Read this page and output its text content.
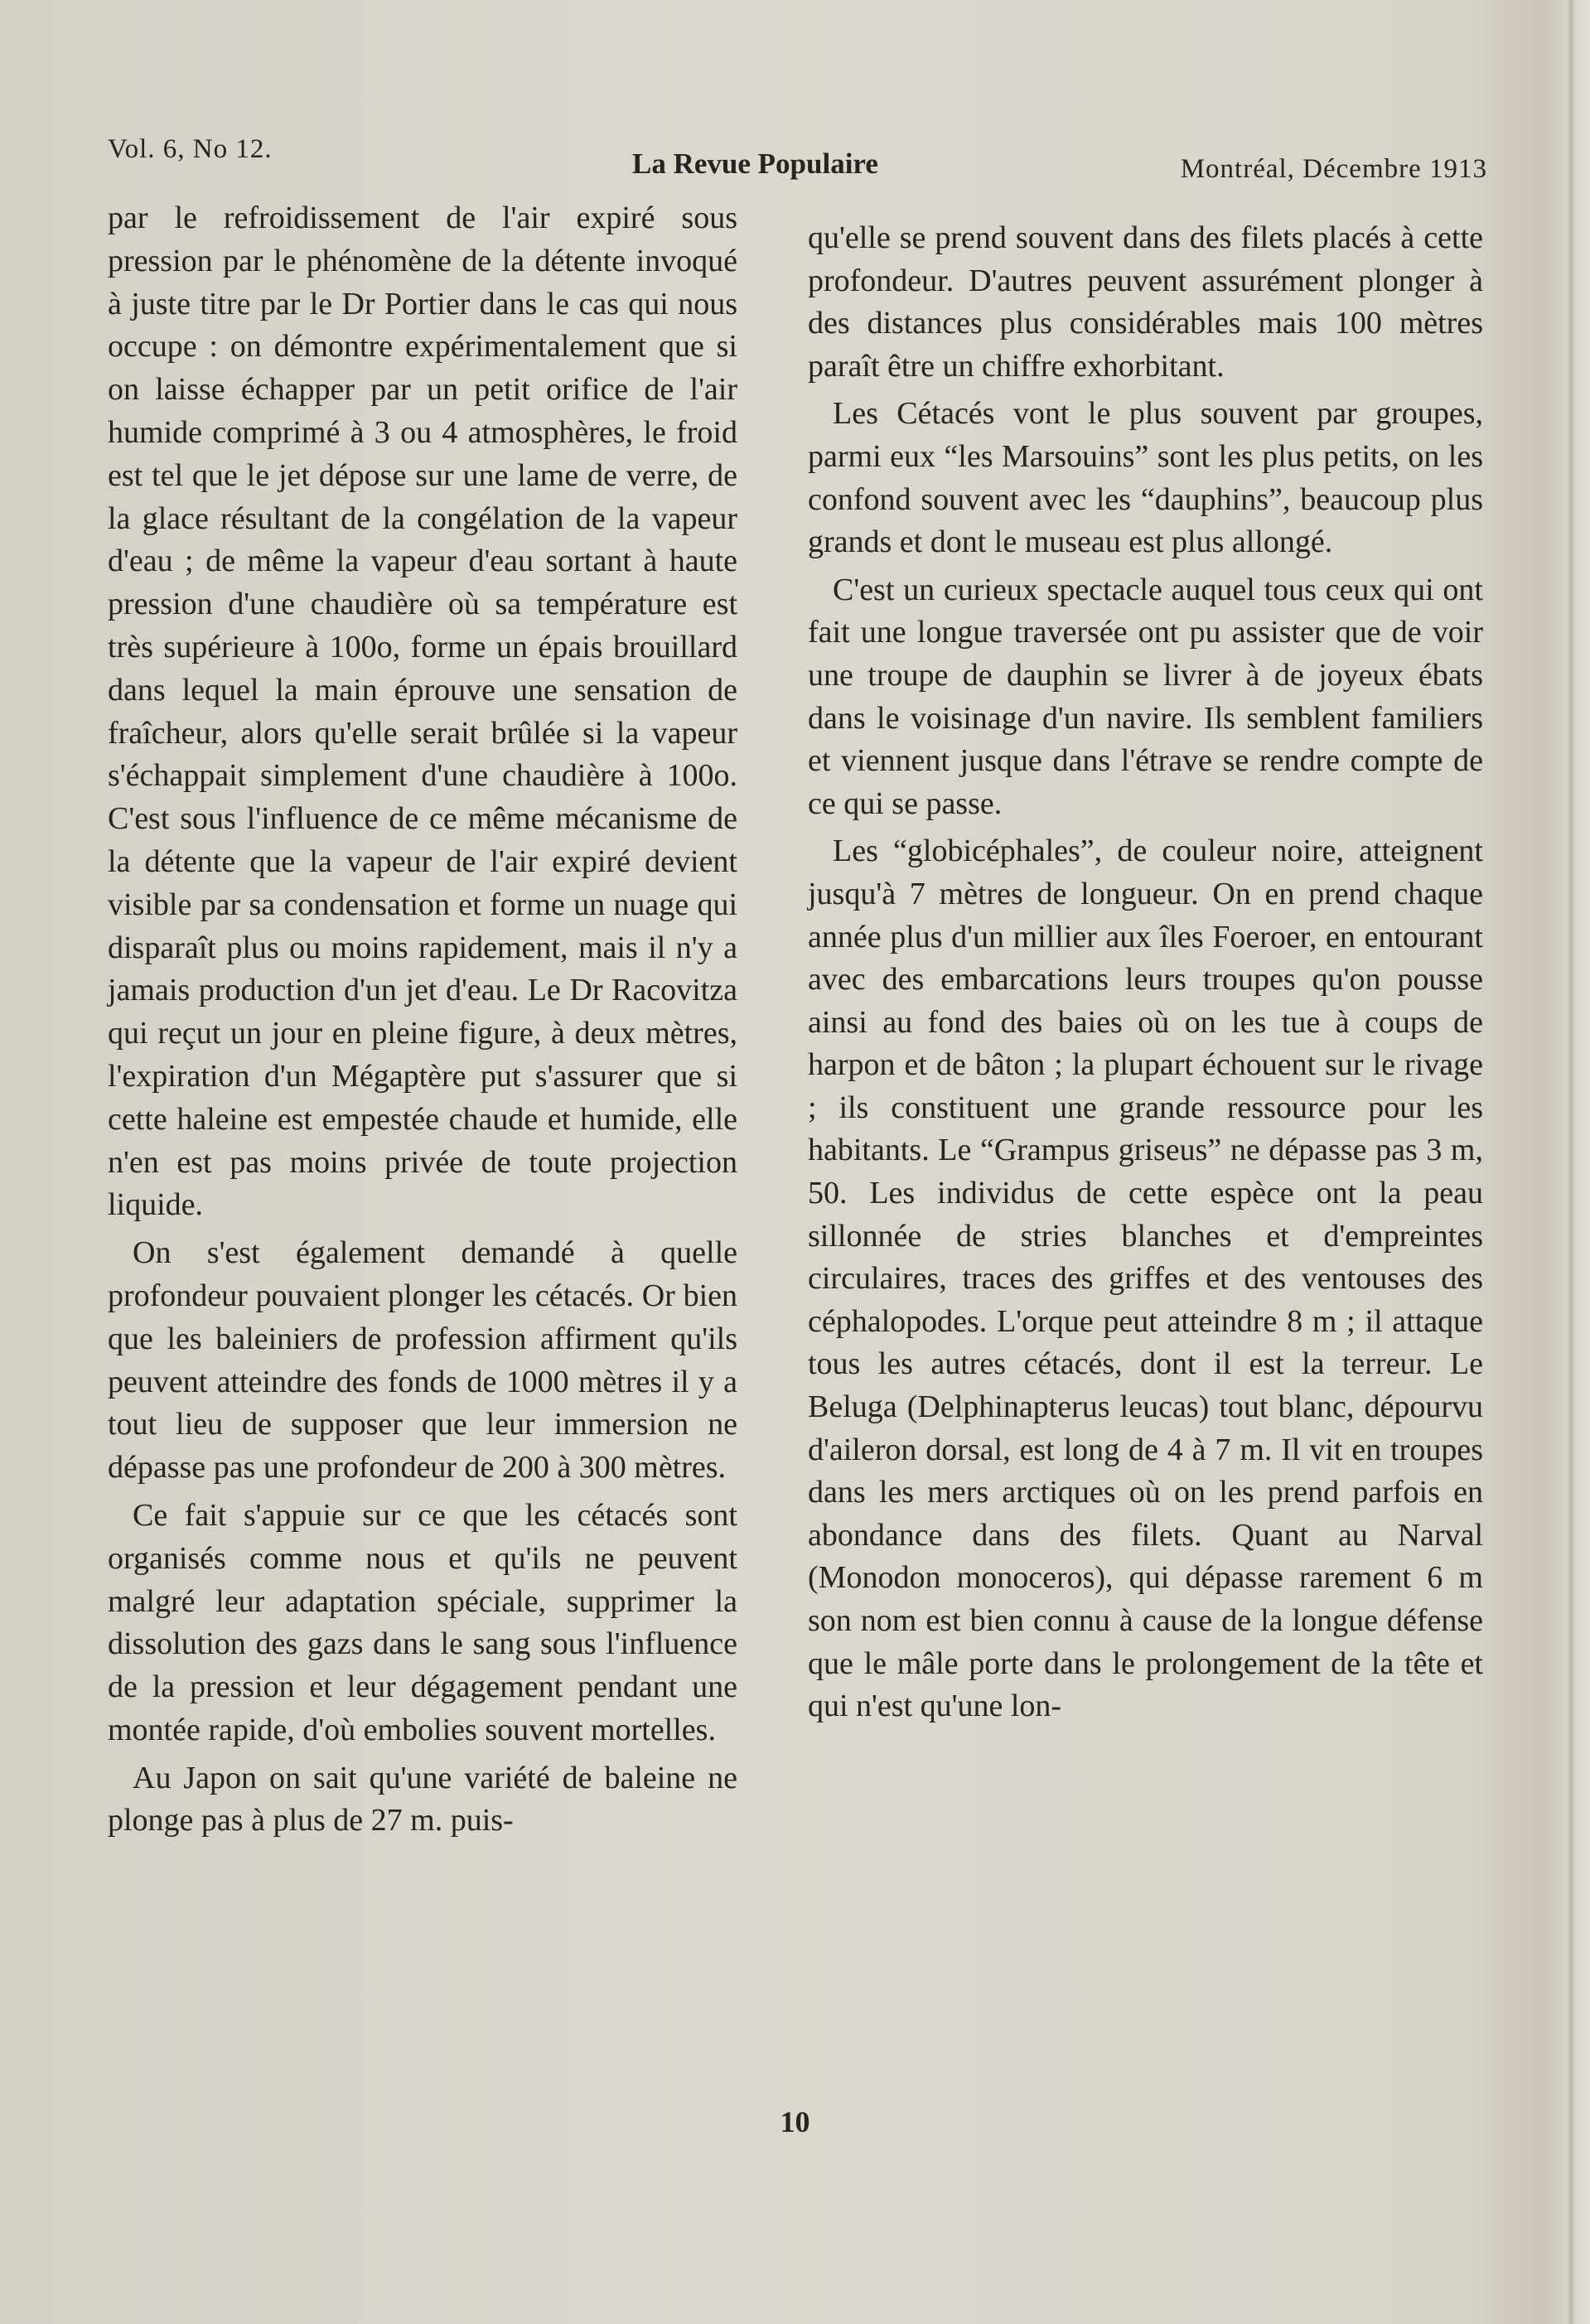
Vol. 6, No 12.	La Revue Populaire	Montréal, Décembre 1913

par le refroidissement de l'air expiré sous pression par le phénomène de la détente invoqué à juste titre par le Dr Portier dans le cas qui nous occupe : on démontre expérimentalement que si on laisse échapper par un petit orifice de l'air humide comprimé à 3 ou 4 atmosphères, le froid est tel que le jet dépose sur une lame de verre, de la glace résultant de la congélation de la vapeur d'eau ; de même la vapeur d'eau sortant à haute pression d'une chaudière où sa température est très supérieure à 100o, forme un épais brouillard dans lequel la main éprouve une sensation de fraîcheur, alors qu'elle serait brûlée si la vapeur s'échappait simplement d'une chaudière à 100o. C'est sous l'influence de ce même mécanisme de la détente que la vapeur de l'air expiré devient visible par sa condensation et forme un nuage qui disparaît plus ou moins rapidement, mais il n'y a jamais production d'un jet d'eau. Le Dr Racovitza qui reçut un jour en pleine figure, à deux mètres, l'expiration d'un Mégaptère put s'assurer que si cette haleine est empestée chaude et humide, elle n'en est pas moins privée de toute projection liquide.

On s'est également demandé à quelle profondeur pouvaient plonger les cétacés. Or bien que les baleiniers de profession affirment qu'ils peuvent atteindre des fonds de 1000 mètres il y a tout lieu de supposer que leur immersion ne dépasse pas une profondeur de 200 à 300 mètres.

Ce fait s'appuie sur ce que les cétacés sont organisés comme nous et qu'ils ne peuvent malgré leur adaptation spéciale, supprimer la dissolution des gazs dans le sang sous l'influence de la pression et leur dégagement pendant une montée rapide, d'où embolies souvent mortelles.

Au Japon on sait qu'une variété de baleine ne plonge pas à plus de 27 m. puis-

qu'elle se prend souvent dans des filets placés à cette profondeur. D'autres peuvent assurément plonger à des distances plus considérables mais 100 mètres paraît être un chiffre exhorbitant.

Les Cétacés vont le plus souvent par groupes, parmi eux “les Marsouins” sont les plus petits, on les confond souvent avec les “dauphins”, beaucoup plus grands et dont le museau est plus allongé.

C'est un curieux spectacle auquel tous ceux qui ont fait une longue traversée ont pu assister que de voir une troupe de dauphin se livrer à de joyeux ébats dans le voisinage d'un navire. Ils semblent familiers et viennent jusque dans l'étrave se rendre compte de ce qui se passe.

Les “globicéphales”, de couleur noire, atteignent jusqu'à 7 mètres de longueur. On en prend chaque année plus d'un millier aux îles Foeroer, en entourant avec des embarcations leurs troupes qu'on pousse ainsi au fond des baies où on les tue à coups de harpon et de bâton ; la plupart échouent sur le rivage ; ils constituent une grande ressource pour les habitants. Le “Grampus griseus” ne dépasse pas 3 m, 50. Les individus de cette espèce ont la peau sillonnée de stries blanches et d'empreintes circulaires, traces des griffes et des ventouses des céphalopodes. L'orque peut atteindre 8 m ; il attaque tous les autres cétacés, dont il est la terreur. Le Beluga (Delphinapterus leucas) tout blanc, dépourvu d'aileron dorsal, est long de 4 à 7 m. Il vit en troupes dans les mers arctiques où on les prend parfois en abondance dans des filets. Quant au Narval (Monodon monoceros), qui dépasse rarement 6 m son nom est bien connu à cause de la longue défense que le mâle porte dans le prolongement de la tête et qui n'est qu'une lon-

10
